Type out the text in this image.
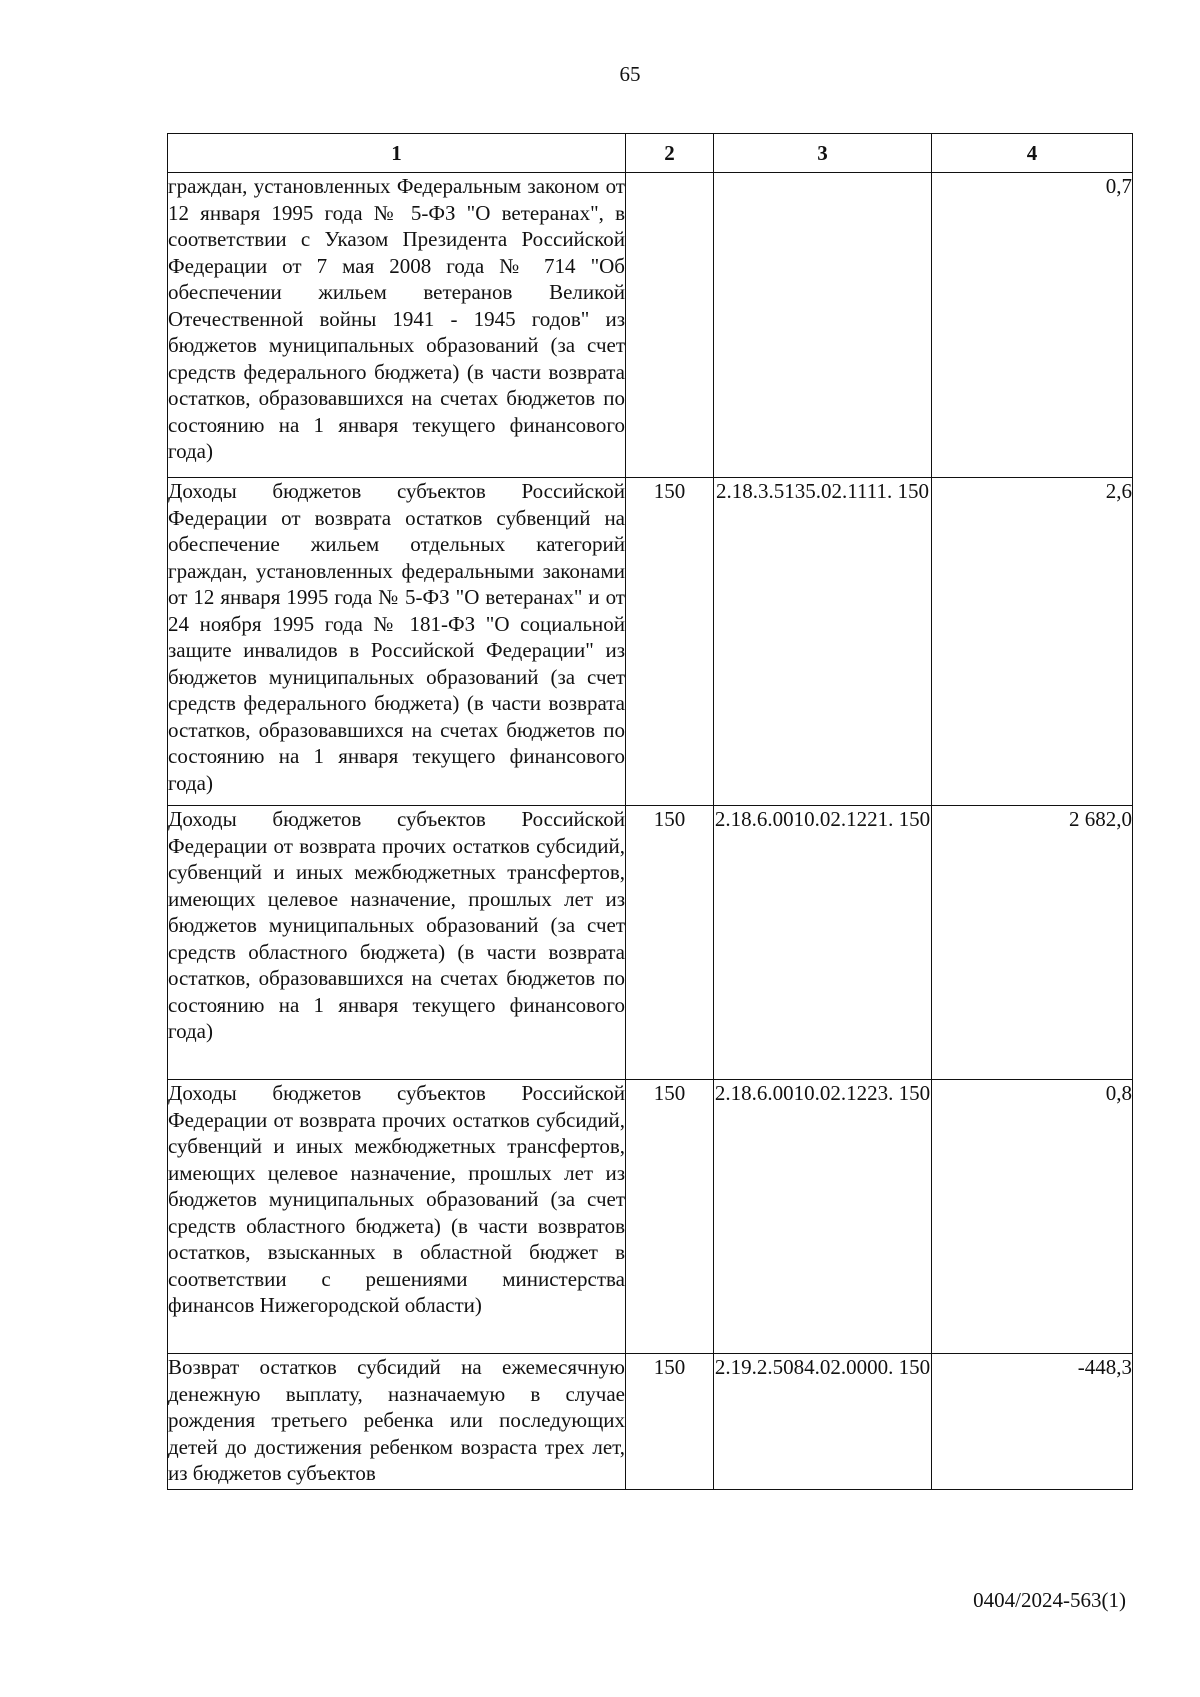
65
1	2	3	4
граждан, установленных Федеральным законом от 12 января 1995 года № 5-ФЗ "О ветеранах", в соответствии с Указом Президента Российской Федерации от 7 мая 2008 года № 714 "Об обеспечении жильем ветеранов Великой Отечественной войны 1941 - 1945 годов" из бюджетов муниципальных образований (за счет средств федерального бюджета) (в части возврата остатков, образовавшихся на счетах бюджетов по состоянию на 1 января текущего финансового года)			0,7

Доходы бюджетов субъектов Российской Федерации от возврата остатков субвенций на обеспечение жильем отдельных категорий граждан, установленных федеральными законами от 12 января 1995 года № 5-ФЗ "О ветеранах" и от 24 ноября 1995 года № 181-ФЗ "О социальной защите инвалидов в Российской Федерации" из бюджетов муниципальных образований (за счет средств федерального бюджета) (в части возврата остатков, образовавшихся на счетах бюджетов по состоянию на 1 января текущего финансового года)	150	2.18.3.5135.02.1111. 150	2,6

Доходы бюджетов субъектов Российской Федерации от возврата прочих остатков субсидий, субвенций и иных межбюджетных трансфертов, имеющих целевое назначение, прошлых лет из бюджетов муниципальных образований (за счет средств областного бюджета) (в части возврата остатков, образовавшихся на счетах бюджетов по состоянию на 1 января текущего финансового года)	150	2.18.6.0010.02.1221. 150	2 682,0

Доходы бюджетов субъектов Российской Федерации от возврата прочих остатков субсидий, субвенций и иных межбюджетных трансфертов, имеющих целевое назначение, прошлых лет из бюджетов муниципальных образований (за счет средств областного бюджета) (в части возвратов остатков, взысканных в областной бюджет в соответствии с решениями министерства финансов Нижегородской области)	150	2.18.6.0010.02.1223. 150	0,8

Возврат остатков субсидий на ежемесячную денежную выплату, назначаемую в случае рождения третьего ребенка или последующих детей до достижения ребенком возраста трех лет, из бюджетов субъектов	150	2.19.2.5084.02.0000. 150	-448,3
0404/2024-563(1)
